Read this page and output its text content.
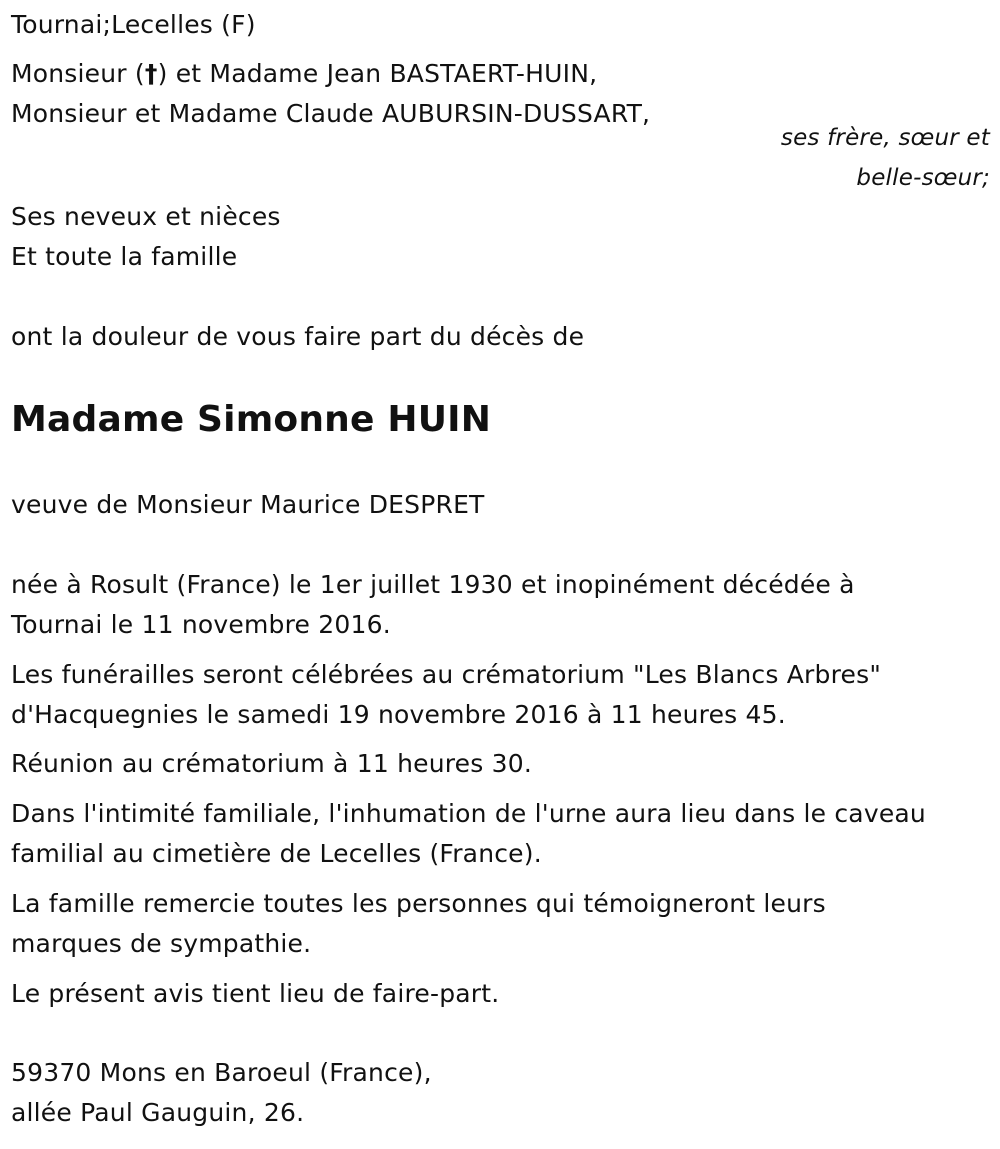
Tournai;Lecelles (F)
Monsieur (†) et Madame Jean BASTAERT-HUIN,
Monsieur et Madame Claude AUBURSIN-DUSSART,
ses frère, sœur et
belle-sœur;
Ses neveux et nièces
Et toute la famille
ont la douleur de vous faire part du décès de
Madame Simonne HUIN
veuve de Monsieur Maurice DESPRET
née à Rosult (France) le 1er juillet 1930 et inopinément décédée à
Tournai le 11 novembre 2016.
Les funérailles seront célébrées au crématorium "Les Blancs Arbres"
d'Hacquegnies le samedi 19 novembre 2016 à 11 heures 45.
Réunion au crématorium à 11 heures 30.
Dans l'intimité familiale, l'inhumation de l'urne aura lieu dans le caveau
familial au cimetière de Lecelles (France).
La famille remercie toutes les personnes qui témoigneront leurs
marques de sympathie.
Le présent avis tient lieu de faire-part.
59370 Mons en Baroeul (France),
allée Paul Gauguin, 26.
